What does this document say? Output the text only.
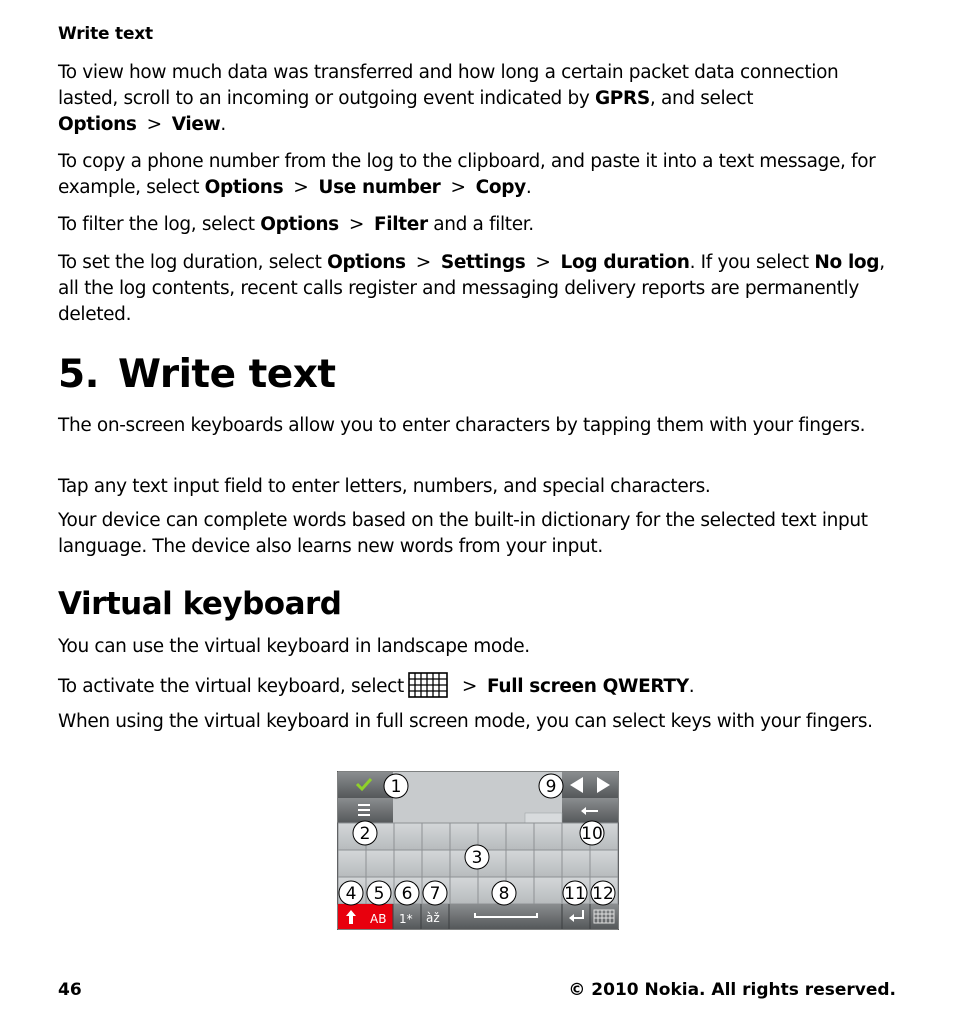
Write text

To view how much data was transferred and how long a certain packet data connection lasted, scroll to an incoming or outgoing event indicated by GPRS, and select Options > View.

To copy a phone number from the log to the clipboard, and paste it into a text message, for example, select Options > Use number > Copy.

To filter the log, select Options > Filter and a filter.

To set the log duration, select Options > Settings > Log duration. If you select No log, all the log contents, recent calls register and messaging delivery reports are permanently deleted.

5. Write text

The on-screen keyboards allow you to enter characters by tapping them with your fingers.

Tap any text input field to enter letters, numbers, and special characters.

Your device can complete words based on the built-in dictionary for the selected text input language. The device also learns new words from your input.

Virtual keyboard

You can use the virtual keyboard in landscape mode.

To activate the virtual keyboard, select	> Full screen QWERTY.

When using the virtual keyboard in full screen mode, you can select keys with your fingers.

AB 1* àž
1	9
2	10
3
4 5 6 7	8	11 12
46	© 2010 Nokia. All rights reserved.
